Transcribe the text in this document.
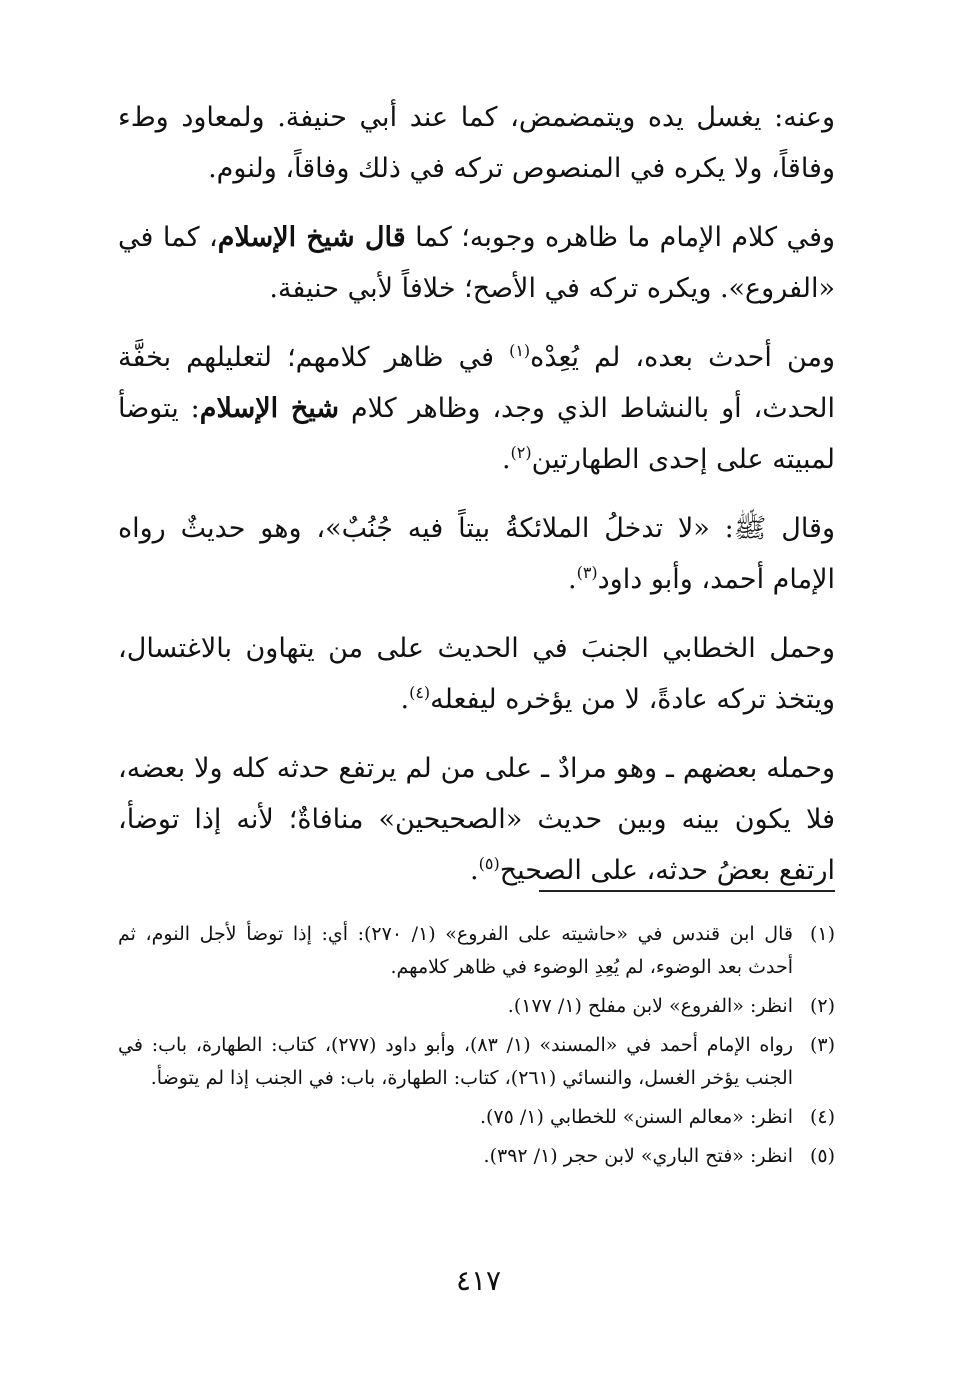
وعنه: يغسل يده ويتمضمض، كما عند أبي حنيفة. ولمعاود وطء وفاقاً، ولا يكره في المنصوص تركه في ذلك وفاقاً، ولنوم.

وفي كلام الإمام ما ظاهره وجوبه؛ كما قال شيخ الإسلام، كما في «الفروع». ويكره تركه في الأصح؛ خلافاً لأبي حنيفة.

ومن أحدث بعده، لم يُعِدْه$^{(١)}$ في ظاهر كلامهم؛ لتعليلهم بخفَّة الحدث، أو بالنشاط الذي وجد، وظاهر كلام شيخ الإسلام: يتوضأ لمبيته على إحدى الطهارتين$^{(٢)}$.

وقال ﷺ: «لا تدخلُ الملائكةُ بيتاً فيه جُنُبٌ»، وهو حديثٌ رواه الإمام أحمد، وأبو داود$^{(٣)}$.

وحمل الخطابي الجنبَ في الحديث على من يتهاون بالاغتسال، ويتخذ تركه عادةً، لا من يؤخره ليفعله$^{(٤)}$.

وحمله بعضهم ـ وهو مرادٌ ـ على من لم يرتفع حدثه كله ولا بعضه، فلا يكون بينه وبين حديث «الصحيحين» منافاةٌ؛ لأنه إذا توضأ، ارتفع بعضُ حدثه، على الصحيح$^{(٥)}$.

(١)
قال ابن قندس في «حاشيته على الفروع» (١/ ٢٧٠): أي: إذا توضأ لأجل النوم، ثم أحدث بعد الوضوء، لم يُعِدِ الوضوء في ظاهر كلامهم.
(٢)
انظر: «الفروع» لابن مفلح (١/ ١٧٧).
(٣)
رواه الإمام أحمد في «المسند» (١/ ٨٣)، وأبو داود (٢٧٧)، كتاب: الطهارة، باب: في الجنب يؤخر الغسل، والنسائي (٢٦١)، كتاب: الطهارة، باب: في الجنب إذا لم يتوضأ.
(٤)
انظر: «معالم السنن» للخطابي (١/ ٧٥).
(٥)
انظر: «فتح الباري» لابن حجر (١/ ٣٩٢).
٤١٧
